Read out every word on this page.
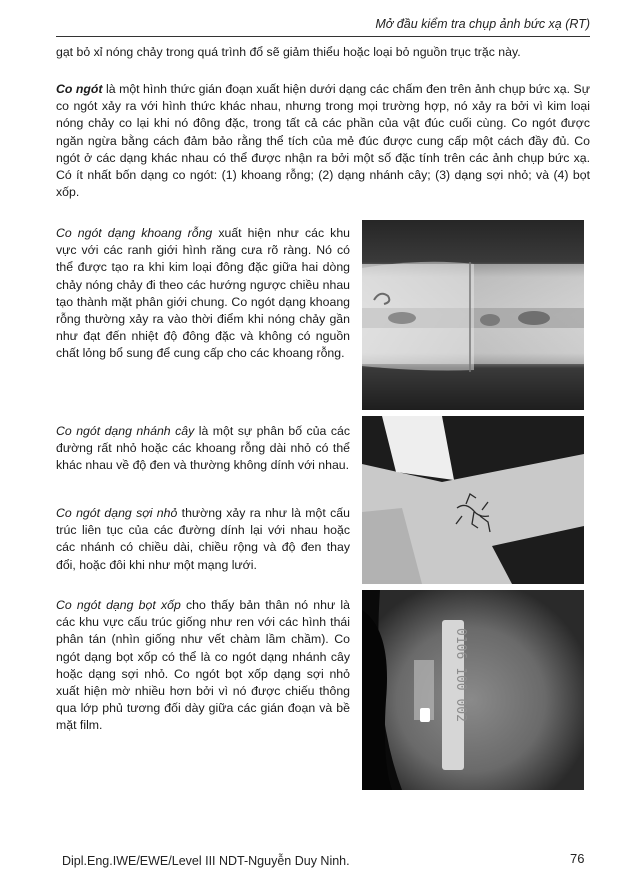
Mở đầu kiểm tra chụp ảnh bức xạ (RT)

gạt bỏ xỉ nóng chảy trong quá trình đổ sẽ giảm thiểu hoặc loại bỏ nguồn trục trặc này.

Co ngót là một hình thức gián đoạn xuất hiện dưới dạng các chấm đen trên ảnh chụp bức xạ. Sự co ngót xảy ra với hình thức khác nhau, nhưng trong mọi trường hợp, nó xảy ra bởi vì kim loại nóng chảy co lại khi nó đông đặc, trong tất cả các phần của vật đúc cuối cùng. Co ngót được ngăn ngừa bằng cách đảm bảo rằng thể tích của mẻ đúc được cung cấp một cách đầy đủ. Co ngót ở các dạng khác nhau có thể được nhận ra bởi một số đặc tính trên các ảnh chụp bức xạ. Có ít nhất bốn dạng co ngót: (1) khoang rỗng; (2) dạng nhánh cây; (3) dạng sợi nhỏ; và (4) bọt xốp.

Co ngót dạng khoang rỗng xuất hiện như các khu vực với các ranh giới hình răng cưa rõ ràng. Nó có thể được tạo ra khi kim loại đông đặc giữa hai dòng chảy nóng chảy đi theo các hướng ngược chiều nhau tạo thành mặt phân giới chung. Co ngót dạng khoang rỗng thường xảy ra vào thời điểm khi nóng chảy gần như đạt đến nhiệt độ đông đặc và không có nguồn chất lỏng bổ sung để cung cấp cho các khoang rỗng.

Co ngót dạng nhánh cây là một sự phân bố của các đường rất nhỏ hoặc các khoang rỗng dài nhỏ có thể khác nhau về độ đen và thường không dính với nhau.

Co ngót dạng sợi nhỏ thường xảy ra như là một cấu trúc liên tục của các đường dính lại với nhau hoặc các nhánh có chiều dài, chiều rộng và độ đen thay đổi, hoặc đôi khi như một mạng lưới.

Co ngót dạng bọt xốp cho thấy bản thân nó như là các khu vực cấu trúc giống như ren với các hình thái phân tán (nhìn giống như vết chàm lầm chầm). Co ngót dạng bọt xốp có thể là co ngót dạng nhánh cây hoặc dạng sợi nhỏ. Co ngót bọt xốp dạng sợi nhỏ xuất hiện mờ nhiều hơn bởi vì nó được chiếu thông qua lớp phủ tương đối dày giữa các gián đoạn và bề mặt film.

0106 100 002
Dipl.Eng.IWE/EWE/Level III NDT-Nguyễn Duy Ninh.	76
